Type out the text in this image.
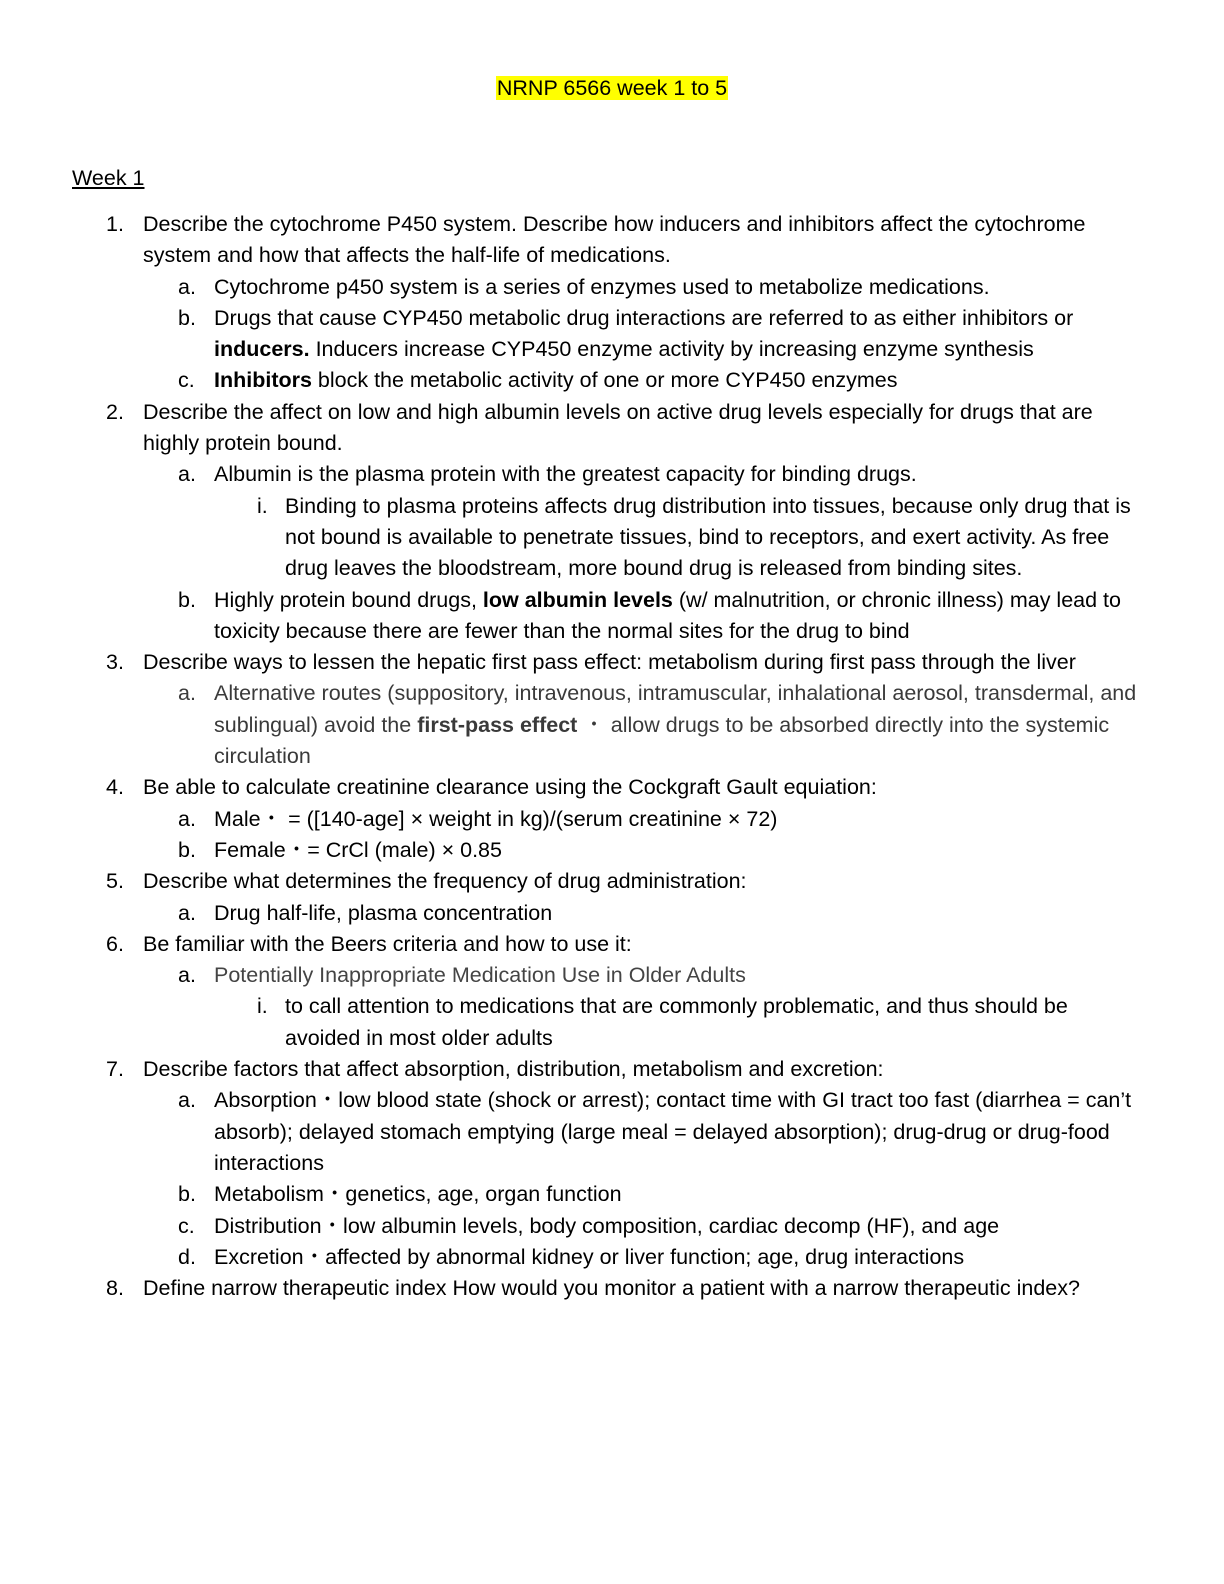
NRNP 6566 week 1 to 5
Week 1
1. Describe the cytochrome P450 system. Describe how inducers and inhibitors affect the cytochrome system and how that affects the half-life of medications.
a. Cytochrome p450 system is a series of enzymes used to metabolize medications.
b. Drugs that cause CYP450 metabolic drug interactions are referred to as either inhibitors or inducers. Inducers increase CYP450 enzyme activity by increasing enzyme synthesis
c. Inhibitors block the metabolic activity of one or more CYP450 enzymes
2. Describe the affect on low and high albumin levels on active drug levels especially for drugs that are highly protein bound.
a. Albumin is the plasma protein with the greatest capacity for binding drugs.
i. Binding to plasma proteins affects drug distribution into tissues, because only drug that is not bound is available to penetrate tissues, bind to receptors, and exert activity. As free drug leaves the bloodstream, more bound drug is released from binding sites.
b. Highly protein bound drugs, low albumin levels (w/ malnutrition, or chronic illness) may lead to toxicity because there are fewer than the normal sites for the drug to bind
3. Describe ways to lessen the hepatic first pass effect: metabolism during first pass through the liver
a. Alternative routes (suppository, intravenous, intramuscular, inhalational aerosol, transdermal, and sublingual) avoid the first-pass effect ・ allow drugs to be absorbed directly into the systemic circulation
4. Be able to calculate creatinine clearance using the Cockgraft Gault equiation:
a. Male・ = ([140-age] × weight in kg)/(serum creatinine × 72)
b. Female・= CrCl (male) × 0.85
5. Describe what determines the frequency of drug administration:
a. Drug half-life, plasma concentration
6. Be familiar with the Beers criteria and how to use it:
a. Potentially Inappropriate Medication Use in Older Adults
i. to call attention to medications that are commonly problematic, and thus should be avoided in most older adults
7. Describe factors that affect absorption, distribution, metabolism and excretion:
a. Absorption・low blood state (shock or arrest); contact time with GI tract too fast (diarrhea = can’t absorb); delayed stomach emptying (large meal = delayed absorption); drug-drug or drug-food interactions
b. Metabolism・genetics, age, organ function
c. Distribution・low albumin levels, body composition, cardiac decomp (HF), and age
d. Excretion・affected by abnormal kidney or liver function; age, drug interactions
8. Define narrow therapeutic index How would you monitor a patient with a narrow therapeutic index?
